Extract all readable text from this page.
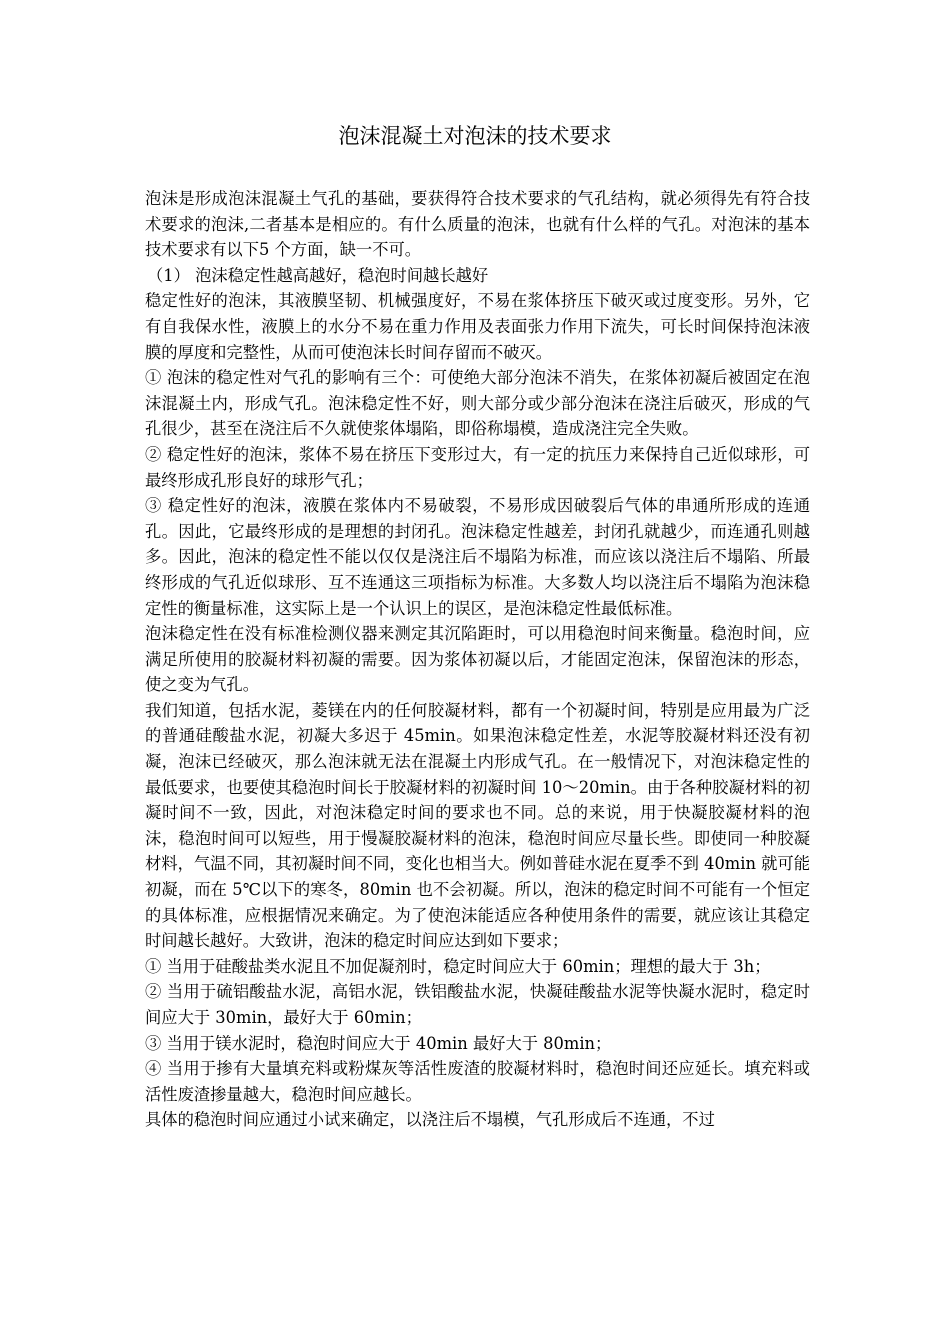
泡沫混凝土对泡沫的技术要求

泡沫是形成泡沫混凝土气孔的基础，要获得符合技术要求的气孔结构，就必须得先有符合技术要求的泡沫,二者基本是相应的。有什么质量的泡沫，也就有什么样的气孔。对泡沫的基本技术要求有以下5 个方面，缺一不可。

（1） 泡沫稳定性越高越好，稳泡时间越长越好

稳定性好的泡沫，其液膜坚韧、机械强度好，不易在浆体挤压下破灭或过度变形。另外，它有自我保水性，液膜上的水分不易在重力作用及表面张力作用下流失，可长时间保持泡沫液膜的厚度和完整性，从而可使泡沫长时间存留而不破灭。

① 泡沫的稳定性对气孔的影响有三个：可使绝大部分泡沫不消失，在浆体初凝后被固定在泡沫混凝土内，形成气孔。泡沫稳定性不好，则大部分或少部分泡沫在浇注后破灭，形成的气孔很少，甚至在浇注后不久就使浆体塌陷，即俗称塌模，造成浇注完全失败。

② 稳定性好的泡沫，浆体不易在挤压下变形过大，有一定的抗压力来保持自己近似球形，可最终形成孔形良好的球形气孔；

③ 稳定性好的泡沫，液膜在浆体内不易破裂，不易形成因破裂后气体的串通所形成的连通孔。因此，它最终形成的是理想的封闭孔。泡沫稳定性越差，封闭孔就越少，而连通孔则越多。因此，泡沫的稳定性不能以仅仅是浇注后不塌陷为标准，而应该以浇注后不塌陷、所最终形成的气孔近似球形、互不连通这三项指标为标准。大多数人均以浇注后不塌陷为泡沫稳定性的衡量标准，这实际上是一个认识上的误区，是泡沫稳定性最低标准。

泡沫稳定性在没有标准检测仪器来测定其沉陷距时，可以用稳泡时间来衡量。稳泡时间，应满足所使用的胶凝材料初凝的需要。因为浆体初凝以后，才能固定泡沫，保留泡沫的形态，使之变为气孔。

我们知道，包括水泥，菱镁在内的任何胶凝材料，都有一个初凝时间，特别是应用最为广泛的普通硅酸盐水泥，初凝大多迟于 45min。如果泡沫稳定性差，水泥等胶凝材料还没有初凝，泡沫已经破灭，那么泡沫就无法在混凝土内形成气孔。在一般情况下，对泡沫稳定性的最低要求，也要使其稳泡时间长于胶凝材料的初凝时间 10～20min。由于各种胶凝材料的初凝时间不一致，因此，对泡沫稳定时间的要求也不同。总的来说，用于快凝胶凝材料的泡沫，稳泡时间可以短些，用于慢凝胶凝材料的泡沫，稳泡时间应尽量长些。即使同一种胶凝材料，气温不同，其初凝时间不同，变化也相当大。例如普硅水泥在夏季不到 40min 就可能初凝，而在 5℃以下的寒冬，80min 也不会初凝。所以，泡沫的稳定时间不可能有一个恒定的具体标准，应根据情况来确定。为了使泡沫能适应各种使用条件的需要，就应该让其稳定时间越长越好。大致讲，泡沫的稳定时间应达到如下要求；

① 当用于硅酸盐类水泥且不加促凝剂时，稳定时间应大于 60min；理想的最大于 3h；

② 当用于硫铝酸盐水泥，高铝水泥，铁铝酸盐水泥，快凝硅酸盐水泥等快凝水泥时，稳定时间应大于 30min，最好大于 60min；

③ 当用于镁水泥时，稳泡时间应大于 40min 最好大于 80min；

④ 当用于掺有大量填充料或粉煤灰等活性废渣的胶凝材料时，稳泡时间还应延长。填充料或活性废渣掺量越大，稳泡时间应越长。

具体的稳泡时间应通过小试来确定，以浇注后不塌模，气孔形成后不连通，不过
